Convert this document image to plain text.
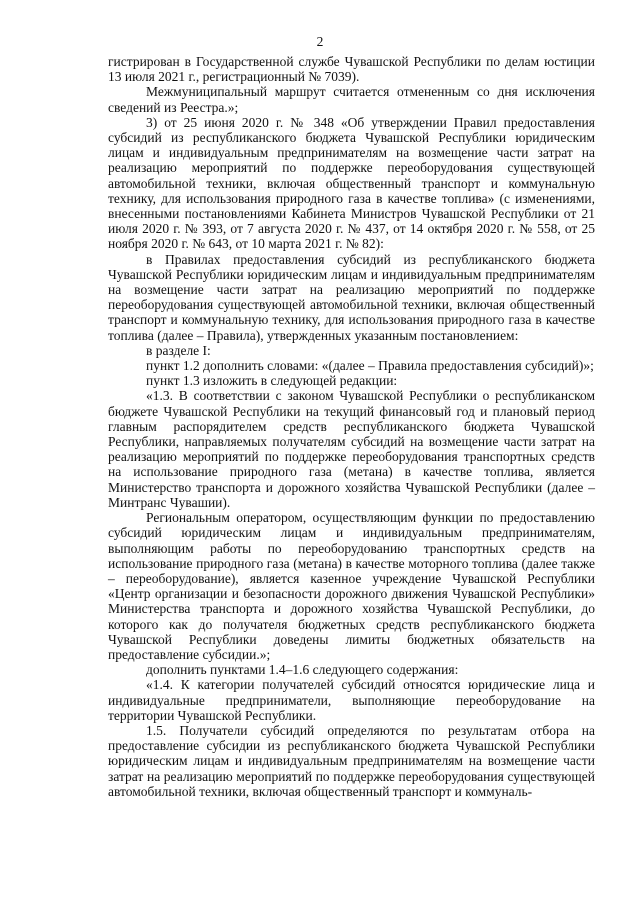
2

гистрирован в Государственной службе Чувашской Республики по делам юстиции 13 июля 2021 г., регистрационный № 7039).

Межмуниципальный маршрут считается отмененным со дня исключения сведений из Реестра.»;

3) от 25 июня 2020 г. № 348 «Об утверждении Правил предоставления субсидий из республиканского бюджета Чувашской Республики юридическим лицам и индивидуальным предпринимателям на возмещение части затрат на реализацию мероприятий по поддержке переоборудования существующей автомобильной техники, включая общественный транспорт и коммунальную технику, для использования природного газа в качестве топлива» (с изменениями, внесенными постановлениями Кабинета Министров Чувашской Республики от 21 июля 2020 г. № 393, от 7 августа 2020 г. № 437, от 14 октября 2020 г. № 558, от 25 ноября 2020 г. № 643, от 10 марта 2021 г. № 82):

в Правилах предоставления субсидий из республиканского бюджета Чувашской Республики юридическим лицам и индивидуальным предпринимателям на возмещение части затрат на реализацию мероприятий по поддержке переоборудования существующей автомобильной техники, включая общественный транспорт и коммунальную технику, для использования природного газа в качестве топлива (далее – Правила), утвержденных указанным постановлением:

в разделе I:

пункт 1.2 дополнить словами: «(далее – Правила предоставления субсидий)»;

пункт 1.3 изложить в следующей редакции:

«1.3. В соответствии с законом Чувашской Республики о республиканском бюджете Чувашской Республики на текущий финансовый год и плановый период главным распорядителем средств республиканского бюджета Чувашской Республики, направляемых получателям субсидий на возмещение части затрат на реализацию мероприятий по поддержке переоборудования транспортных средств на использование природного газа (метана) в качестве топлива, является Министерство транспорта и дорожного хозяйства Чувашской Республики (далее – Минтранс Чувашии).

Региональным оператором, осуществляющим функции по предоставлению субсидий юридическим лицам и индивидуальным предпринимателям, выполняющим работы по переоборудованию транспортных средств на использование природного газа (метана) в качестве моторного топлива (далее также – переоборудование), является казенное учреждение Чувашской Республики «Центр организации и безопасности дорожного движения Чувашской Республики» Министерства транспорта и дорожного хозяйства Чувашской Республики, до которого как до получателя бюджетных средств республиканского бюджета Чувашской Республики доведены лимиты бюджетных обязательств на предоставление субсидии.»;

дополнить пунктами 1.4–1.6 следующего содержания:

«1.4. К категории получателей субсидий относятся юридические лица и индивидуальные предприниматели, выполняющие переоборудование на территории Чувашской Республики.

1.5. Получатели субсидий определяются по результатам отбора на предоставление субсидии из республиканского бюджета Чувашской Республики юридическим лицам и индивидуальным предпринимателям на возмещение части затрат на реализацию мероприятий по поддержке переоборудования существующей автомобильной техники, включая общественный транспорт и коммуналь-
